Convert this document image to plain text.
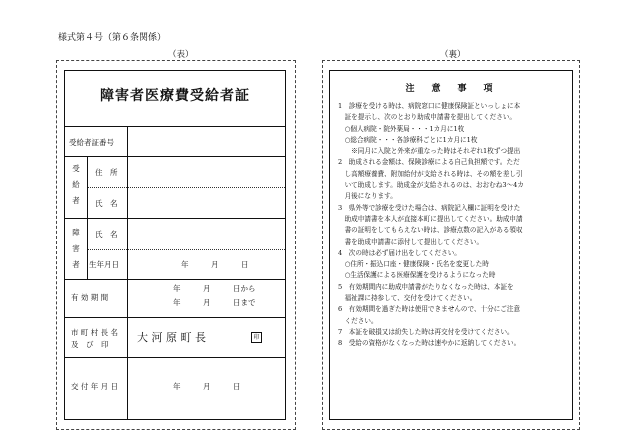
様式第４号（第６条関係）
（表）	（裏）
障害者医療費受給者証
受給者証番号
受給者
住　所
氏　名
障害者
氏　名
生年月日	年　　　月　　　日
有 効 期 間
年　　　月　　　日から
年　　　月　　　日まで
市 町 村 長 名
及　び　印
大 河 原 町 長	印
交 付 年 月 日	年　　　月　　　日
注　意　事　項

1　診療を受ける時は、病院窓口に健康保険証といっしょに本

　証を提示し、次のとおり助成申請書を提出してください。

　○個人病院・院外薬局・・・1カ月に1枚

　○総合病院・・・各診療科ごとに1カ月に1枚

　　※同月に入院と外来が重なった時はそれぞれ1枚ずつ提出

2　助成される金額は、保険診療による自己負担額です。ただ

　し高額療養費、附加給付が支給される時は、その額を差し引

　いて助成します。助成金が支給されるのは、おおむね3〜4カ

　月後になります。

3　県外等で診療を受けた場合は、病院記入欄に証明を受けた

　助成申請書を本人が直接本町に提出してください。助成申請

　書の証明をしてもらえない時は、診療点数の記入がある領収

　書を助成申請書に添付して提出してください。

4　次の時は必ず届け出をしてください。

　○住所・振込口座・健康保険・氏名を変更した時

　○生活保護による医療保護を受けるようになった時

5　有効期間内に助成申請書がたりなくなった時は、本証を

　福祉課に持参して、交付を受けてください。

6　有効期間を過ぎた時は使用できませんので、十分にご注意

　ください。

7　本証を破損又は紛失した時は再交付を受けてください。

8　受給の資格がなくなった時は速やかに返納してください。
